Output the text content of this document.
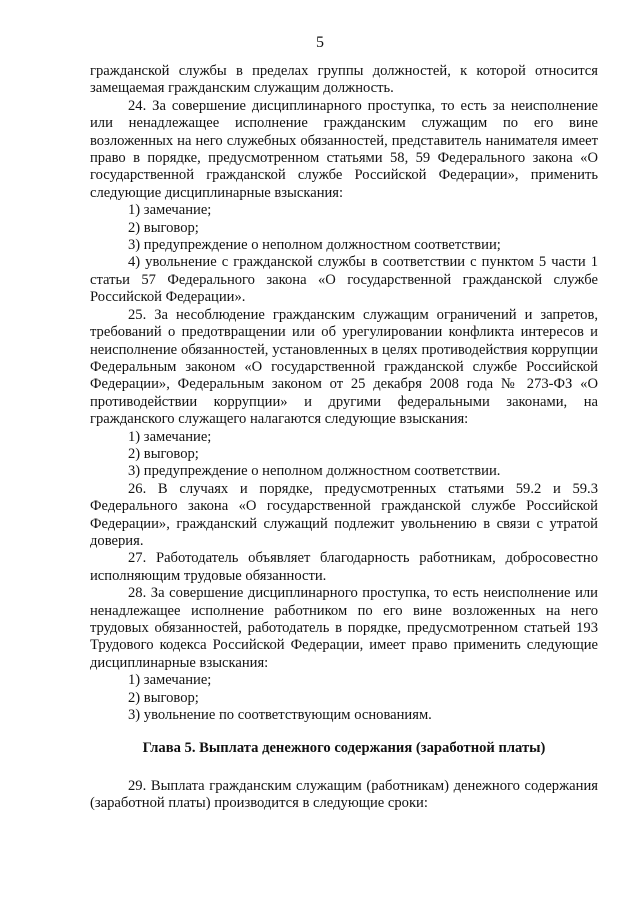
5
гражданской службы в пределах группы должностей, к которой относится замещаемая гражданским служащим должность.
24. За совершение дисциплинарного проступка, то есть за неисполнение или ненадлежащее исполнение гражданским служащим по его вине возложенных на него служебных обязанностей, представитель нанимателя имеет право в порядке, предусмотренном статьями 58, 59 Федерального закона «О государственной гражданской службе Российской Федерации», применить следующие дисциплинарные взыскания:
1) замечание;
2) выговор;
3) предупреждение о неполном должностном соответствии;
4) увольнение с гражданской службы в соответствии с пунктом 5 части 1 статьи 57 Федерального закона «О государственной гражданской службе Российской Федерации».
25. За несоблюдение гражданским служащим ограничений и запретов, требований о предотвращении или об урегулировании конфликта интересов и неисполнение обязанностей, установленных в целях противодействия коррупции Федеральным законом «О государственной гражданской службе Российской Федерации», Федеральным законом от 25 декабря 2008 года № 273-ФЗ «О противодействии коррупции» и другими федеральными законами, на гражданского служащего налагаются следующие взыскания:
1) замечание;
2) выговор;
3) предупреждение о неполном должностном соответствии.
26. В случаях и порядке, предусмотренных статьями 59.2 и 59.3 Федерального закона «О государственной гражданской службе Российской Федерации», гражданский служащий подлежит увольнению в связи с утратой доверия.
27. Работодатель объявляет благодарность работникам, добросовестно исполняющим трудовые обязанности.
28. За совершение дисциплинарного проступка, то есть неисполнение или ненадлежащее исполнение работником по его вине возложенных на него трудовых обязанностей, работодатель в порядке, предусмотренном статьей 193 Трудового кодекса Российской Федерации, имеет право применить следующие дисциплинарные взыскания:
1) замечание;
2) выговор;
3) увольнение по соответствующим основаниям.
Глава 5. Выплата денежного содержания (заработной платы)
29. Выплата гражданским служащим (работникам) денежного содержания (заработной платы) производится в следующие сроки:
